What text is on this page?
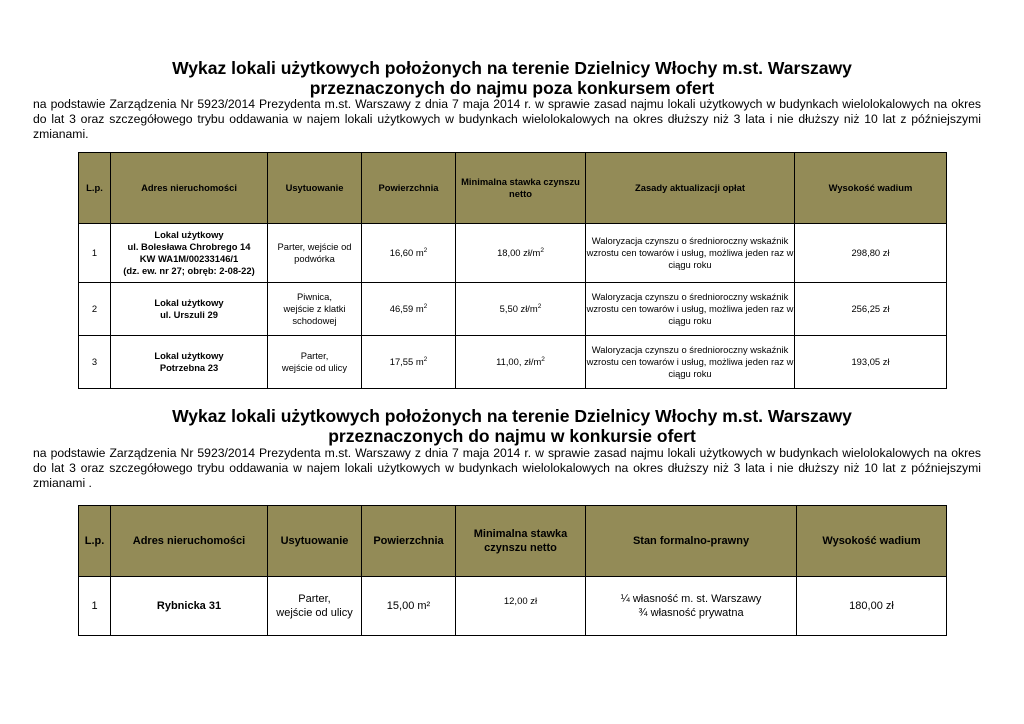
Wykaz lokali użytkowych położonych na terenie Dzielnicy Włochy m.st. Warszawy
przeznaczonych do najmu poza konkursem ofert
na podstawie Zarządzenia Nr 5923/2014 Prezydenta m.st. Warszawy z dnia 7 maja 2014 r. w sprawie zasad najmu lokali użytkowych w budynkach wielolokalowych na okres do lat 3 oraz szczegółowego trybu oddawania w najem lokali użytkowych w budynkach wielolokalowych na okres dłuższy niż 3 lata i nie dłuższy niż 10 lat z późniejszymi zmianami.
L.p.	Adres nieruchomości	Usytuowanie	Powierzchnia	Minimalna stawka czynszu netto	Zasady aktualizacji opłat	Wysokość wadium
1	Lokal użytkowy
ul. Bolesława Chrobrego 14
KW WA1M/00233146/1
(dz. ew. nr 27; obręb: 2-08-22)	Parter, wejście od
podwórka	16,60 $m^2$	18,00 $zł/m^2$	Waloryzacja czynszu o średnioroczny wskaźnik
wzrostu cen towarów i usług, możliwa jeden raz w
ciągu roku	298,80 zł
2	Lokal użytkowy
ul. Urszuli 29	Piwnica,
wejście z klatki
schodowej	46,59 $m^2$	5,50 $zł/m^2$	Waloryzacja czynszu o średnioroczny wskaźnik
wzrostu cen towarów i usług, możliwa jeden raz w
ciągu roku	256,25 zł
3	Lokal użytkowy
Potrzebna 23	Parter,
wejście od ulicy	17,55 $m^2$	11,00, $zł/m^2$	Waloryzacja czynszu o średnioroczny wskaźnik
wzrostu cen towarów i usług, możliwa jeden raz w
ciągu roku	193,05 zł
Wykaz lokali użytkowych położonych na terenie Dzielnicy Włochy m.st. Warszawy
przeznaczonych do najmu w konkursie ofert
na podstawie Zarządzenia Nr 5923/2014 Prezydenta m.st. Warszawy z dnia 7 maja 2014 r. w sprawie zasad najmu lokali użytkowych w budynkach wielolokalowych na okres do lat 3 oraz szczegółowego trybu oddawania w najem lokali użytkowych w budynkach wielolokalowych na okres dłuższy niż 3 lata i nie dłuższy niż 10 lat z późniejszymi zmianami .
L.p.	Adres nieruchomości	Usytuowanie	Powierzchnia	Minimalna stawka czynszu netto	Stan formalno-prawny	Wysokość wadium
1	Rybnicka 31	Parter,
wejście od ulicy	15,00 m²	12,00 zł	¼ własność m. st. Warszawy
¾ własność prywatna	180,00 zł
